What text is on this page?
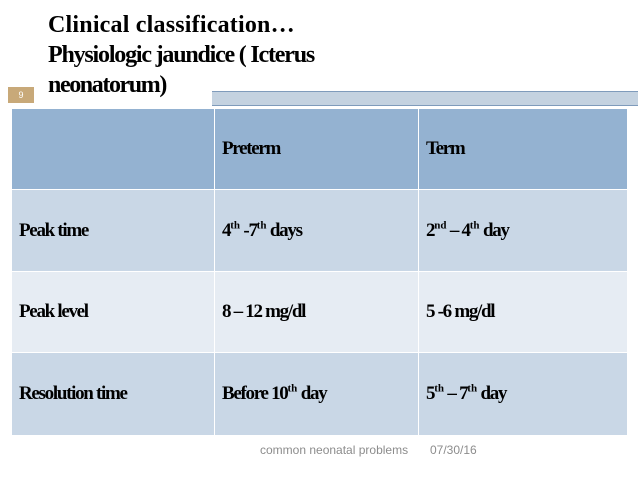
Clinical classification…
Physiologic jaundice ( Icterus
neonatorum)
9
	Preterm	Term
Peak time	4th -7th days	2nd – 4th day
Peak level	8 – 12 mg/dl	5 -6 mg/dl
Resolution time	Before 10th day	5th – 7th day
common neonatal problems 07/30/16
